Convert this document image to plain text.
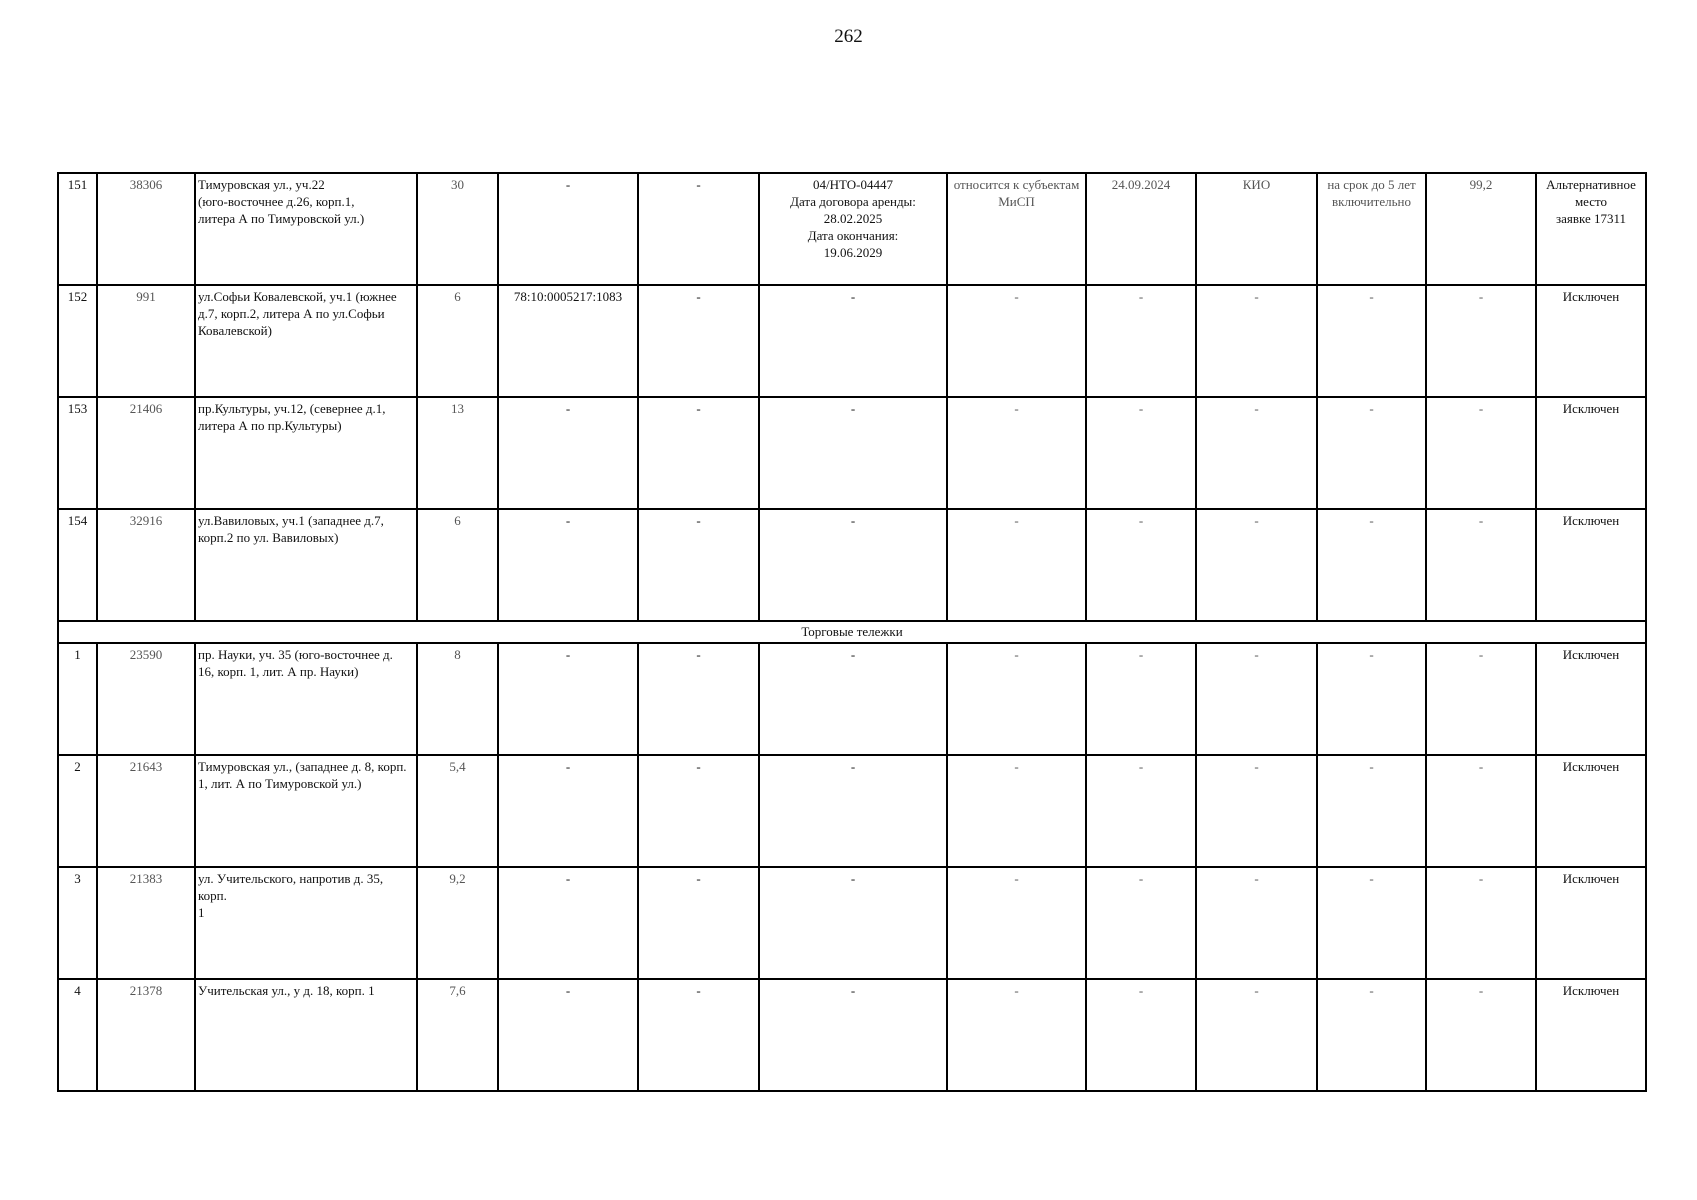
262
151	38306	Тимуровская ул., уч.22
(юго-восточнее д.26, корп.1,
литера А по Тимуровской ул.)	30	-	-	04/НТО-04447
Дата договора аренды:
28.02.2025
Дата окончания:
19.06.2029	относится к субъектам МиСП	24.09.2024	КИО	на срок до 5 лет включительно	99,2	Альтернативное
место
заявке 17311

152	991	ул.Софьи Ковалевской, уч.1 (южнее
д.7, корп.2, литера А по ул.Софьи
Ковалевской)	6	78:10:0005217:1083	-	-	-	-	-	-	-	Исключен

153	21406	пр.Культуры, уч.12, (севернее д.1,
литера А по пр.Культуры)	13	-	-	-	-	-	-	-	-	Исключен

154	32916	ул.Вавиловых, уч.1 (западнее д.7,
корп.2 по ул. Вавиловых)	6	-	-	-	-	-	-	-	-	Исключен

Торговые тележки												
1	23590	пр. Науки, уч. 35 (юго-восточнее д.
16, корп. 1, лит. А пр. Науки)	8	-	-	-	-	-	-	-	-	Исключен

2	21643	Тимуровская ул., (западнее д. 8, корп.
1, лит. А по Тимуровской ул.)	5,4	-	-	-	-	-	-	-	-	Исключен

3	21383	ул. Учительского, напротив д. 35, корп.
1	9,2	-	-	-	-	-	-	-	-	Исключен

4	21378	Учительская ул., у д. 18, корп. 1	7,6	-	-	-	-	-	-	-	-	Исключен
